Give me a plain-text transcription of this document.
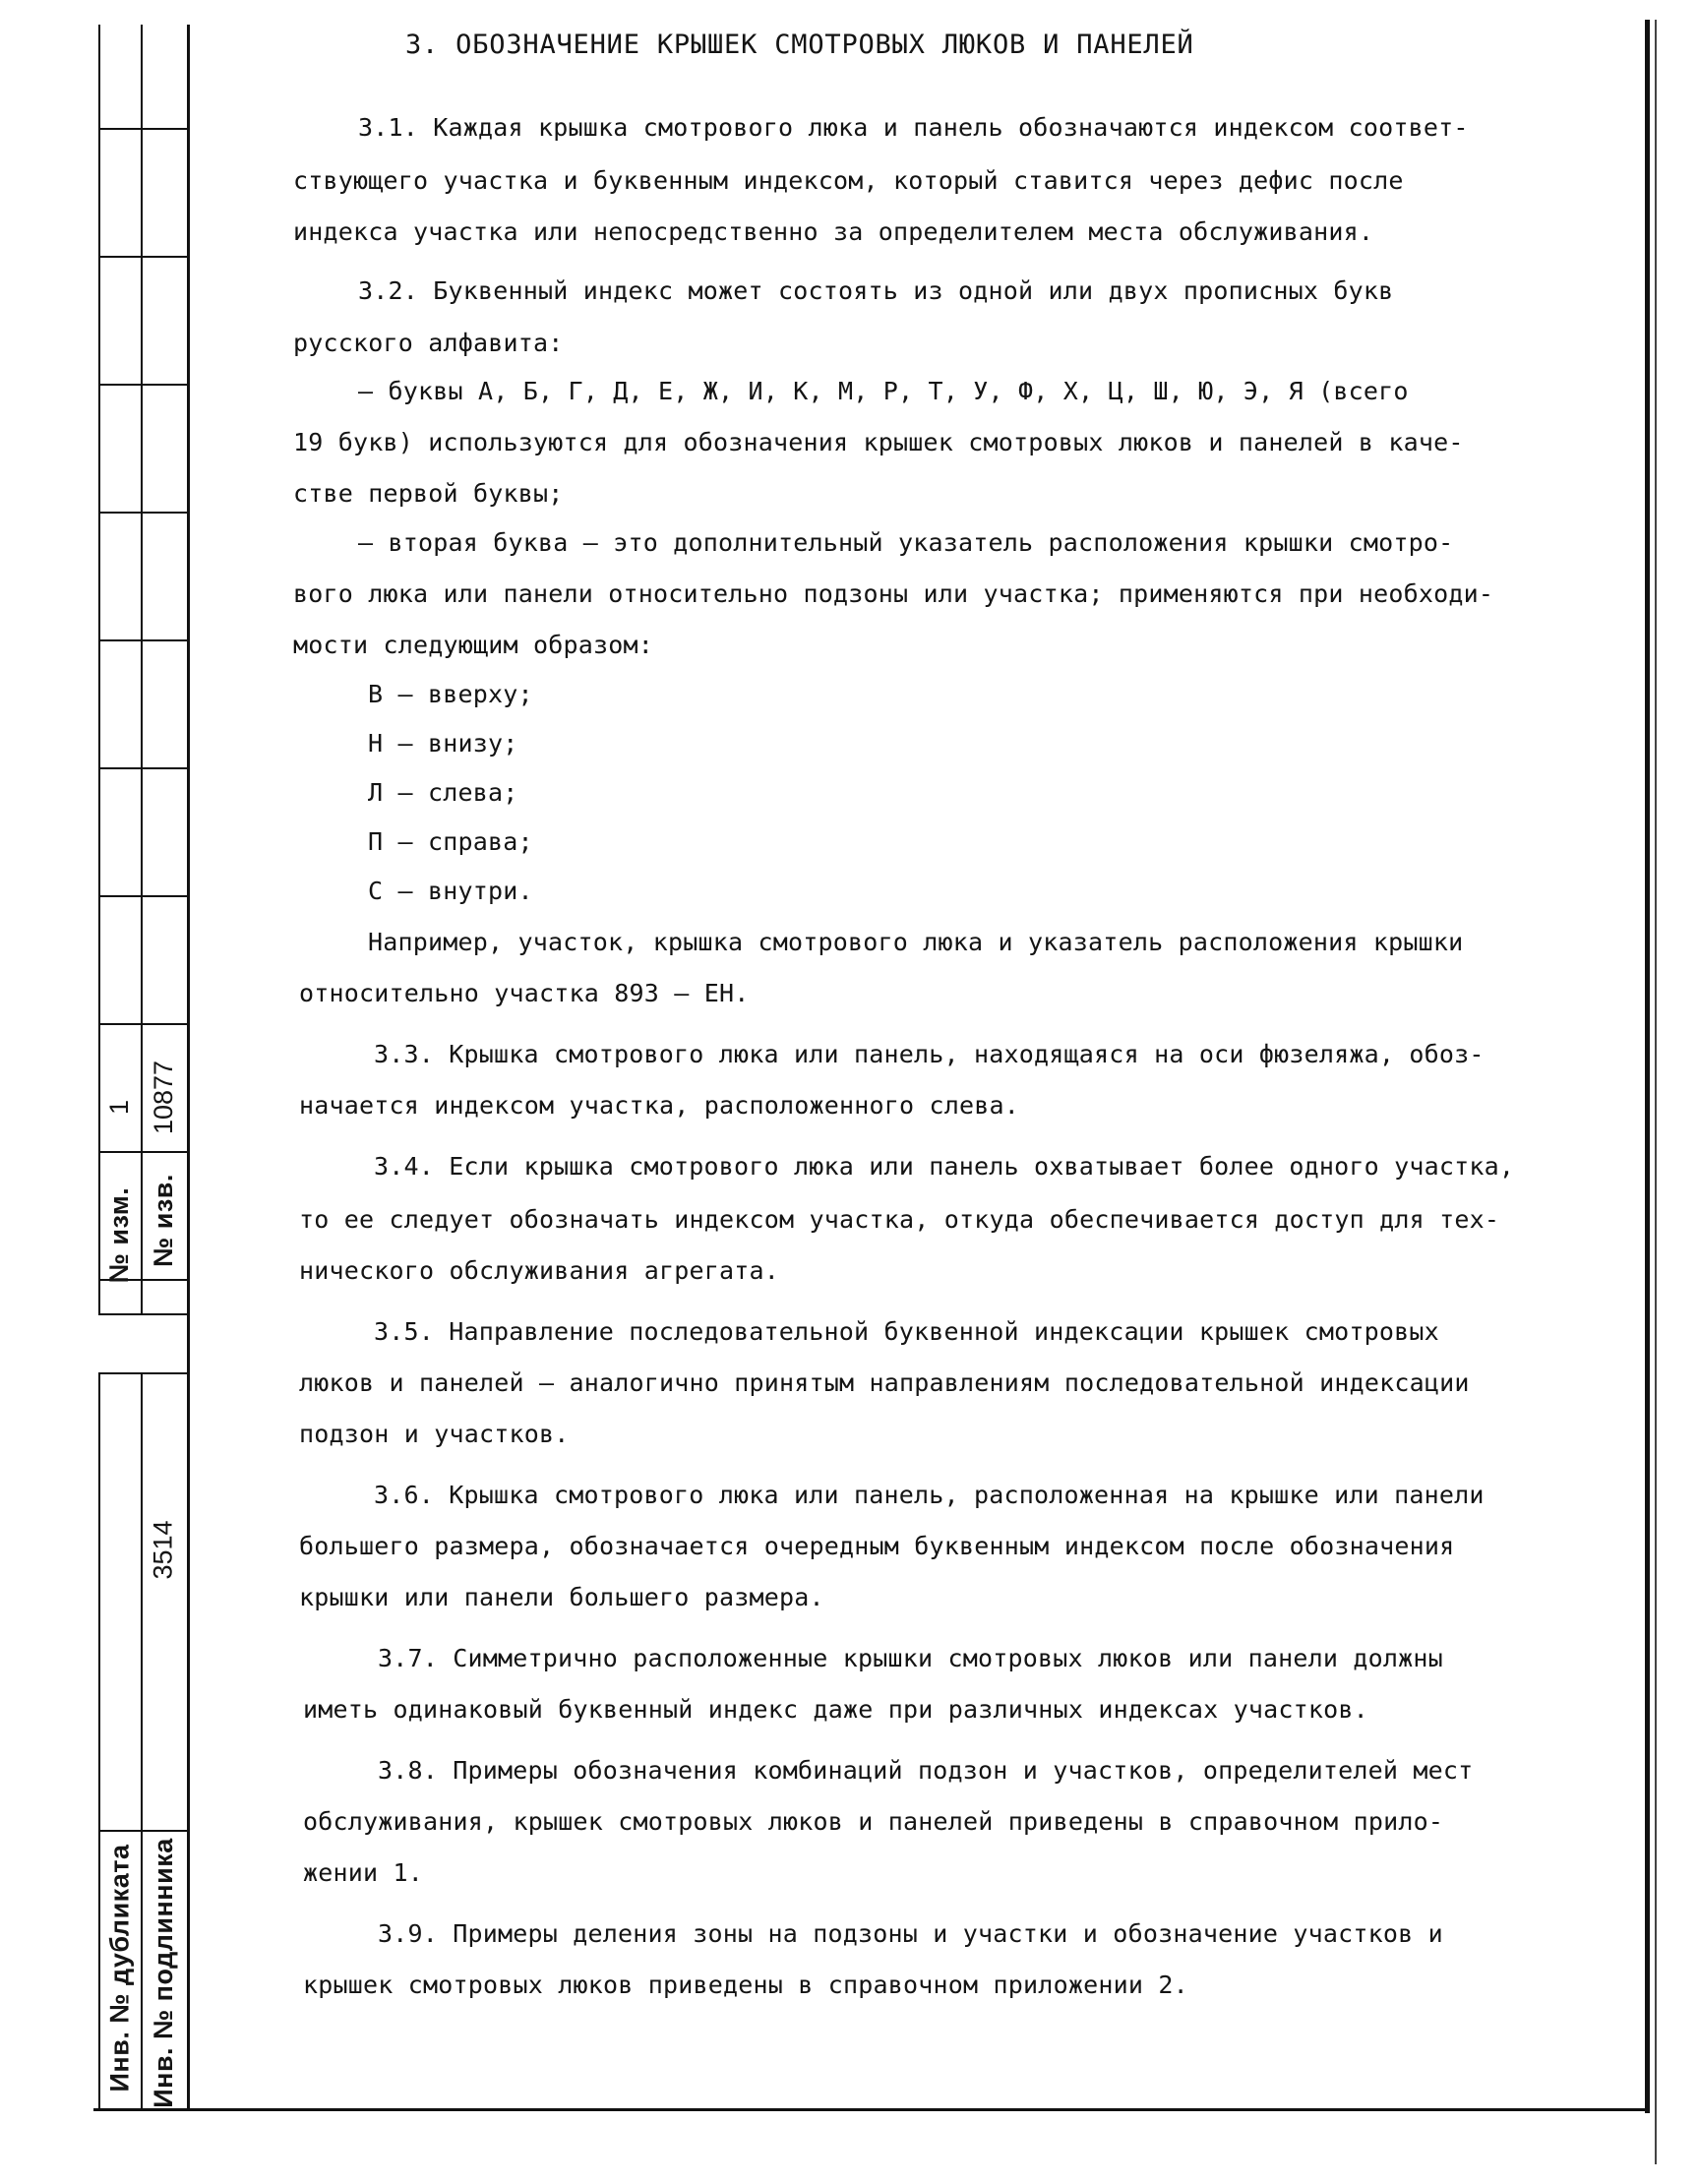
№ изм. № изв.
1 10877
3514
Инв. № дубликата Инв. № подлинника
3. ОБОЗНАЧЕНИЕ КРЫШЕК СМОТРОВЫХ ЛЮКОВ И ПАНЕЛЕЙ
3.1. Каждая крышка смотрового люка и панель обозначаются индексом соответ-
ствующего участка и буквенным индексом, который ставится через дефис после
индекса участка или непосредственно за определителем места обслуживания.
3.2. Буквенный индекс может состоять из одной или двух прописных букв
русского алфавита:
– буквы А, Б, Г, Д, Е, Ж, И, К, М, Р, Т, У, Ф, Х, Ц, Ш, Ю, Э, Я (всего
19 букв) используются для обозначения крышек смотровых люков и панелей в каче-
стве первой буквы;
– вторая буква – это дополнительный указатель расположения крышки смотро-
вого люка или панели относительно подзоны или участка; применяются при необходи-
мости следующим образом:
В – вверху;
Н – внизу;
Л – слева;
П – справа;
С – внутри.
Например, участок, крышка смотрового люка и указатель расположения крышки
относительно участка 893 – ЕН.
3.3. Крышка смотрового люка или панель, находящаяся на оси фюзеляжа, обоз-
начается индексом участка, расположенного слева.
3.4. Если крышка смотрового люка или панель охватывает более одного участка,
то ее следует обозначать индексом участка, откуда обеспечивается доступ для тех-
нического обслуживания агрегата.
3.5. Направление последовательной буквенной индексации крышек смотровых
люков и панелей – аналогично принятым направлениям последовательной индексации
подзон и участков.
3.6. Крышка смотрового люка или панель, расположенная на крышке или панели
большего размера, обозначается очередным буквенным индексом после обозначения
крышки или панели большего размера.
3.7. Симметрично расположенные крышки смотровых люков или панели должны
иметь одинаковый буквенный индекс даже при различных индексах участков.
3.8. Примеры обозначения комбинаций подзон и участков, определителей мест
обслуживания, крышек смотровых люков и панелей приведены в справочном прило-
жении 1.
3.9. Примеры деления зоны на подзоны и участки и обозначение участков и
крышек смотровых люков приведены в справочном приложении 2.
